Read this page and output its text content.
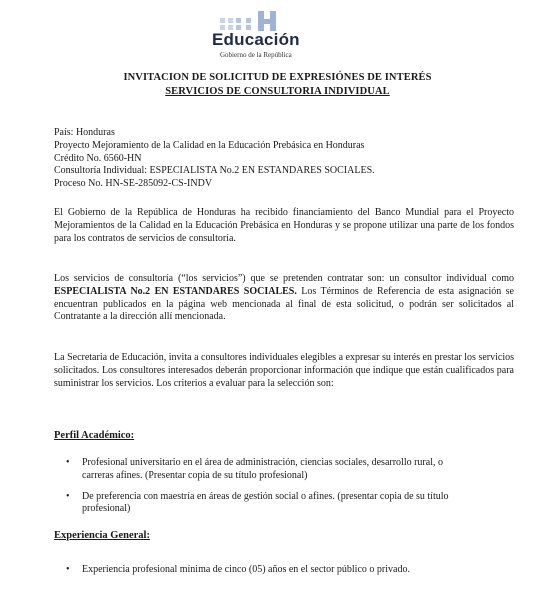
Educación
Gobierno de la República
INVITACION DE SOLICITUD DE EXPRESIÓNES DE INTERÉS
SERVICIOS DE CONSULTORIA INDIVIDUAL
País: Honduras
Proyecto Mejoramiento de la Calidad en la Educación Prebásica en Honduras
Crédito No. 6560-HN
Consultoría Individual: ESPECIALISTA No.2 EN ESTANDARES SOCIALES.
Proceso No. HN-SE-285092-CS-INDV
El Gobierno de la República de Honduras ha recibido financiamiento del Banco Mundial para el Proyecto Mejoramientos de la Calidad en la Educación Prebásica en Honduras y se propone utilizar una parte de los fondos para los contratos de servicios de consultoría.
Los servicios de consultoría (“los servicios”) que se pretenden contratar son: un consultor individual como ESPECIALISTA No.2 EN ESTANDARES SOCIALES. Los Términos de Referencia de esta asignación se encuentran publicados en la página web mencionada al final de esta solicitud, o podrán ser solicitados al Contratante a la dirección allí mencionada.
La Secretaria de Educación, invita a consultores individuales elegibles a expresar su interés en prestar los servicios solicitados. Los consultores interesados deberán proporcionar información que indique que están cualificados para suministrar los servicios. Los criterios a evaluar para la selección son:
Perfil Académico:
• Profesional universitario en el área de administración, ciencias sociales, desarrollo rural, o carreras afines. (Presentar copia de su título profesional)
• De preferencia con maestría en áreas de gestión social o afines. (presentar copia de su título profesional)
Experiencia General:
• Experiencia profesional mínima de cinco (05) años en el sector público o privado.
